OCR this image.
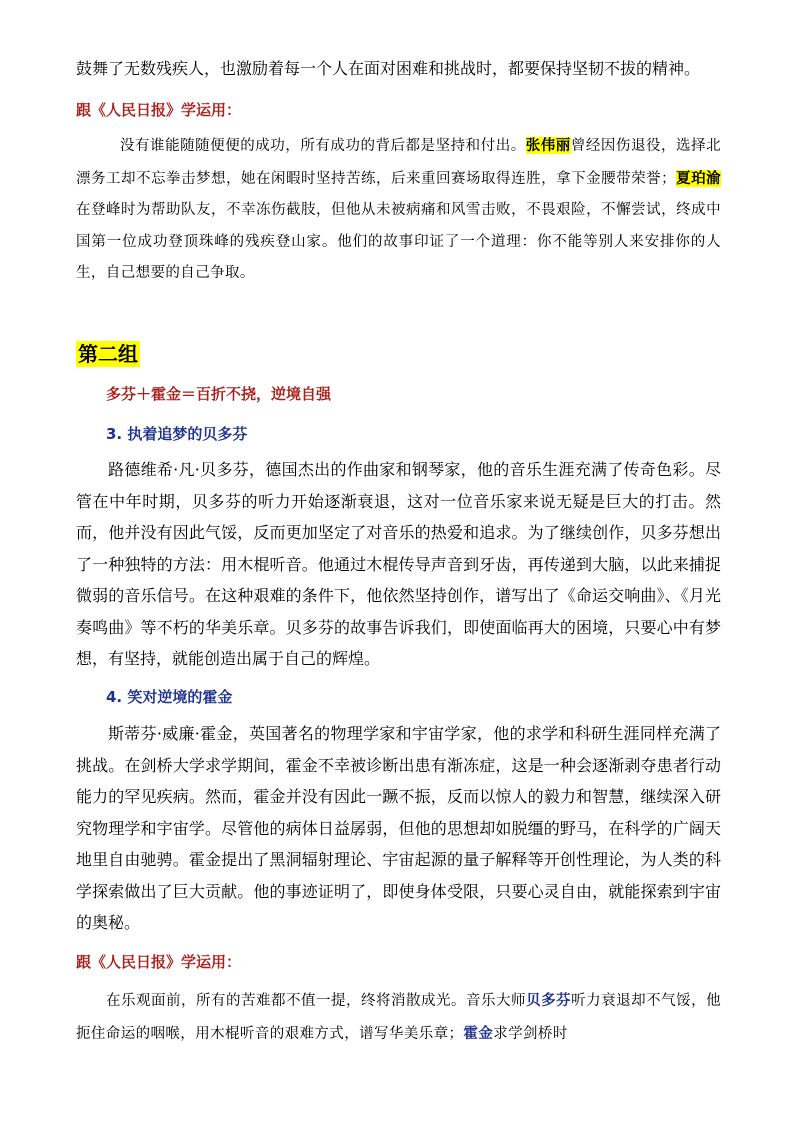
鼓舞了无数残疾人，也激励着每一个人在面对困难和挑战时，都要保持坚韧不拔的精神。

跟《人民日报》学运用：

没有谁能随随便便的成功，所有成功的背后都是坚持和付出。张伟丽曾经因伤退役，选择北漂务工却不忘拳击梦想，她在闲暇时坚持苦练，后来重回赛场取得连胜，拿下金腰带荣誉；夏珀渝在登峰时为帮助队友，不幸冻伤截肢，但他从未被病痛和风雪击败，不畏艰险，不懈尝试，终成中国第一位成功登顶珠峰的残疾登山家。他们的故事印证了一个道理：你不能等别人来安排你的人生，自己想要的自己争取。

第二组

多芬＋霍金＝百折不挠，逆境自强

3. 执着追梦的贝多芬

路德维希·凡·贝多芬，德国杰出的作曲家和钢琴家，他的音乐生涯充满了传奇色彩。尽管在中年时期，贝多芬的听力开始逐渐衰退，这对一位音乐家来说无疑是巨大的打击。然而，他并没有因此气馁，反而更加坚定了对音乐的热爱和追求。为了继续创作，贝多芬想出了一种独特的方法：用木棍听音。他通过木棍传导声音到牙齿，再传递到大脑，以此来捕捉微弱的音乐信号。在这种艰难的条件下，他依然坚持创作，谱写出了《命运交响曲》、《月光奏鸣曲》等不朽的华美乐章。贝多芬的故事告诉我们，即使面临再大的困境，只要心中有梦想，有坚持，就能创造出属于自己的辉煌。

4. 笑对逆境的霍金

斯蒂芬·威廉·霍金，英国著名的物理学家和宇宙学家，他的求学和科研生涯同样充满了挑战。在剑桥大学求学期间，霍金不幸被诊断出患有渐冻症，这是一种会逐渐剥夺患者行动能力的罕见疾病。然而，霍金并没有因此一蹶不振，反而以惊人的毅力和智慧，继续深入研究物理学和宇宙学。尽管他的病体日益孱弱，但他的思想却如脱缰的野马，在科学的广阔天地里自由驰骋。霍金提出了黑洞辐射理论、宇宙起源的量子解释等开创性理论，为人类的科学探索做出了巨大贡献。他的事迹证明了，即使身体受限，只要心灵自由，就能探索到宇宙的奥秘。

跟《人民日报》学运用：

在乐观面前，所有的苦难都不值一提，终将消散成光。音乐大师贝多芬听力衰退却不气馁，他扼住命运的咽喉，用木棍听音的艰难方式，谱写华美乐章；霍金求学剑桥时
